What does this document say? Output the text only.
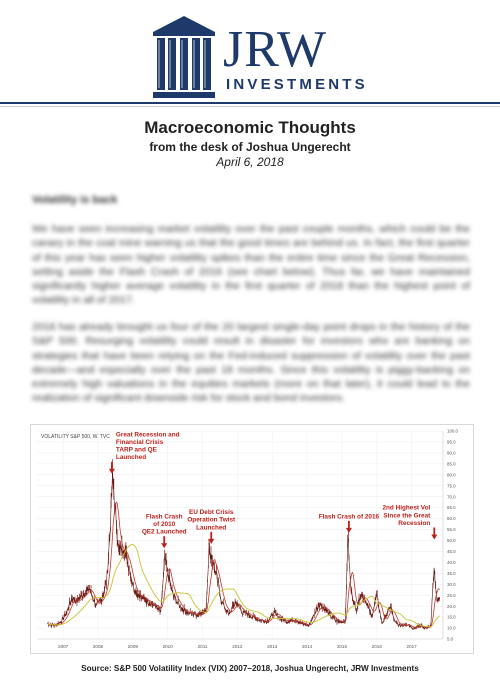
JRW
INVESTMENTS
Macroeconomic Thoughts
from the desk of Joshua Ungerecht
April 6, 2018
Volatility is back
We have seen increasing market volatility over the past couple months, which could be the canary in the coal mine warning us that the good times are behind us. In fact, the first quarter of this year has seen higher volatility spikes than the entire time since the Great Recession, setting aside the Flash Crash of 2016 (see chart below). Thus far, we have maintained significantly higher average volatility in the first quarter of 2018 than the highest point of volatility in all of 2017.
2018 has already brought us four of the 20 largest single-day point drops in the history of the S&P 500. Resurging volatility could result in disaster for investors who are banking on strategies that have been relying on the Fed-induced suppression of volatility over the past decade—and especially over the past 18 months. Since this volatility is piggy-backing on extremely high valuations in the equities markets (more on that later), it could lead to the realization of significant downside risk for stock and bond investors.
VOLATILITY S&P 500, W, TVC
100.0
95.0
90.0
85.0
80.0
75.0
70.0
65.0
60.0
55.0
50.0
45.0
40.0
35.0
30.0
25.0
20.0
15.0
10.0
5.0
2007	2008	2009	2010	2011	2012	2013	2014	2015	2016	2017
Great Recession and
Financial Crisis
TARP and QE
Launched
Flash Crash
of 2010
QE2 Launched
EU Debt Crisis
Operation Twist
Launched
Flash Crash of 2016
2nd Highest Vol
Since the Great
Recession
Source: S&P 500 Volatility Index (VIX) 2007–2018, Joshua Ungerecht, JRW Investments
